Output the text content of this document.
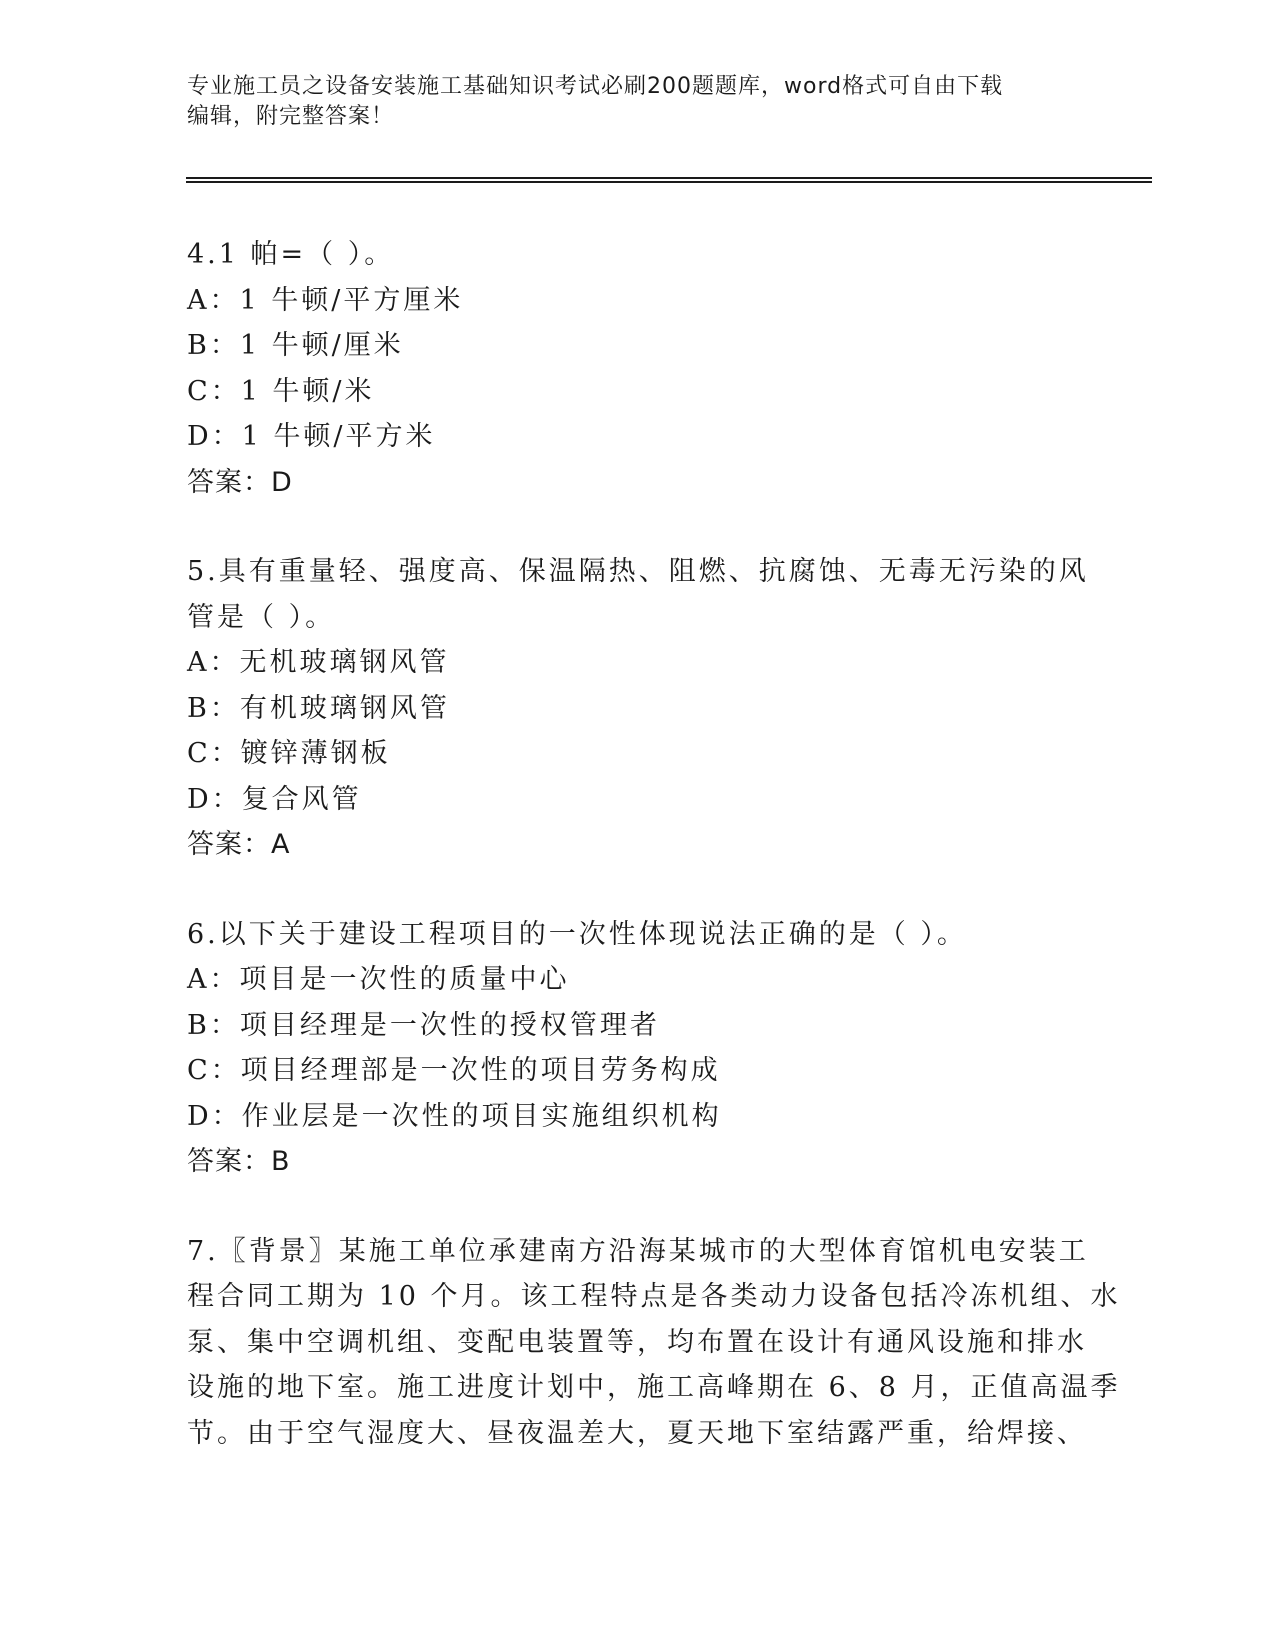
专业施工员之设备安装施工基础知识考试必刷200题题库，word格式可自由下载
编辑，附完整答案！
4.1 帕=（ ）。
A：1 牛顿/平方厘米
B：1 牛顿/厘米
C：1 牛顿/米
D：1 牛顿/平方米
答案：D
5.具有重量轻、强度高、保温隔热、阻燃、抗腐蚀、无毒无污染的风
管是（ ）。
A：无机玻璃钢风管
B：有机玻璃钢风管
C：镀锌薄钢板
D：复合风管
答案：A
6.以下关于建设工程项目的一次性体现说法正确的是（ ）。
A：项目是一次性的质量中心
B：项目经理是一次性的授权管理者
C：项目经理部是一次性的项目劳务构成
D：作业层是一次性的项目实施组织机构
答案：B
7.〖背景〗某施工单位承建南方沿海某城市的大型体育馆机电安装工
程合同工期为 10 个月。该工程特点是各类动力设备包括冷冻机组、水
泵、集中空调机组、变配电装置等，均布置在设计有通风设施和排水
设施的地下室。施工进度计划中，施工高峰期在 6、8 月，正值高温季
节。由于空气湿度大、昼夜温差大，夏天地下室结露严重，给焊接、
